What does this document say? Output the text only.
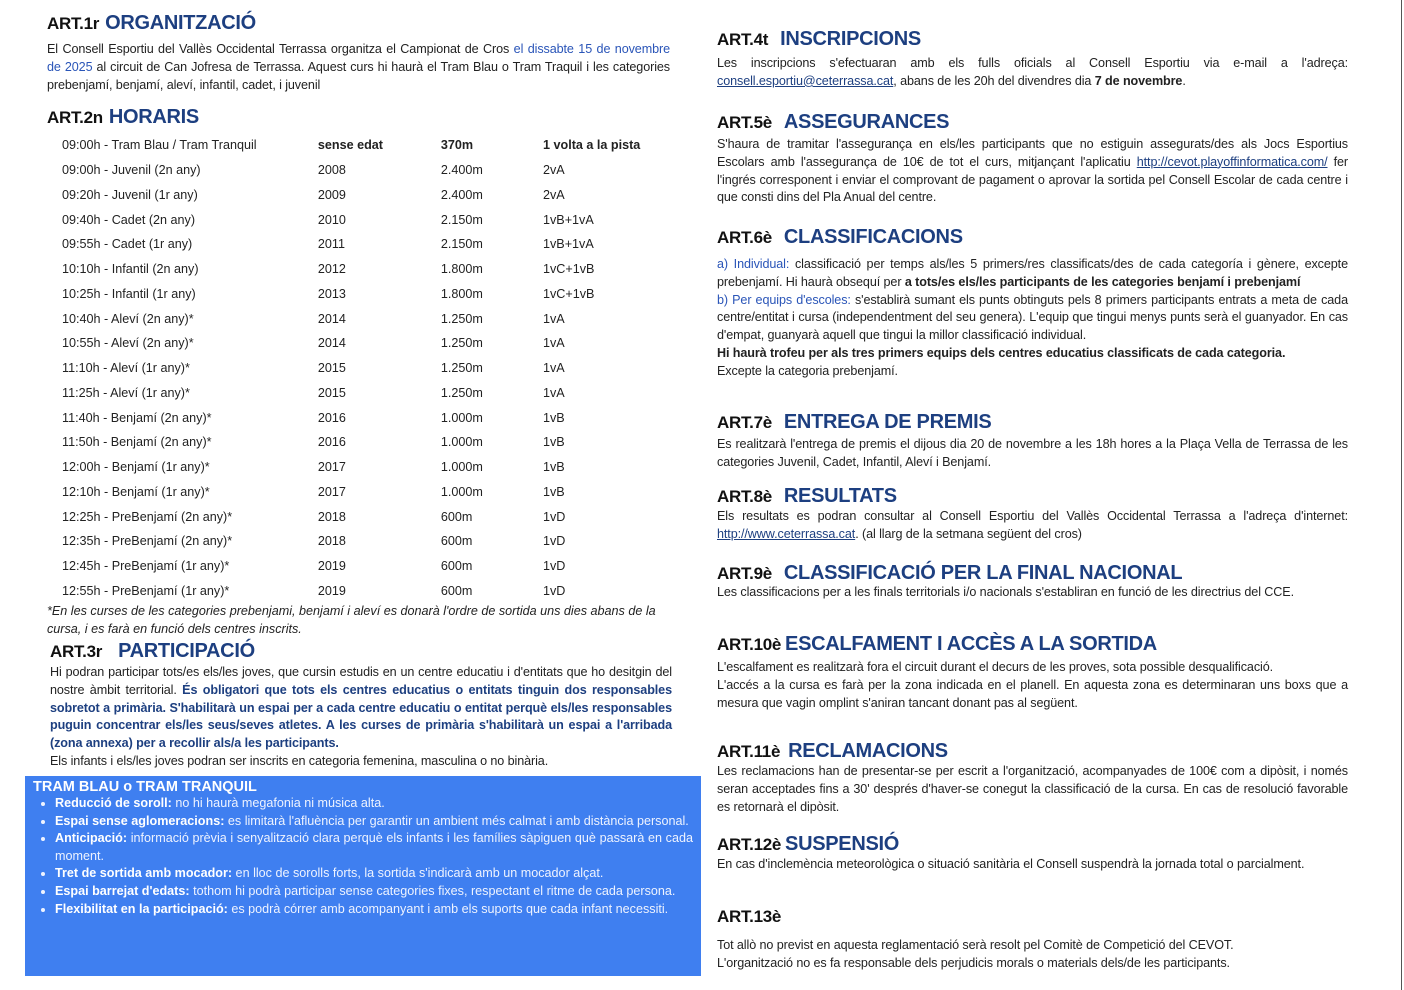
ART.1r ORGANITZACIÓ
El Consell Esportiu del Vallès Occidental Terrassa organitza el Campionat de Cros el dissabte 15 de novembre de 2025 al circuit de Can Jofresa de Terrassa. Aquest curs hi haurà el Tram Blau o Tram Traquil i les categories prebenjamí, benjamí, aleví, infantil, cadet, i juvenil
ART.2n HORARIS
09:00h - Tram Blau / Tram Tranquil	sense edat	370m	1 volta a la pista
09:00h - Juvenil (2n any)	2008	2.400m	2vA
09:20h - Juvenil (1r any)	2009	2.400m	2vA
09:40h - Cadet (2n any)	2010	2.150m	1vB+1vA
09:55h - Cadet (1r any)	2011	2.150m	1vB+1vA
10:10h - Infantil (2n any)	2012	1.800m	1vC+1vB
10:25h - Infantil (1r any)	2013	1.800m	1vC+1vB
10:40h - Aleví (2n any)*	2014	1.250m	1vA
10:55h - Aleví (2n any)*	2014	1.250m	1vA
11:10h - Aleví (1r any)*	2015	1.250m	1vA
11:25h - Aleví (1r any)*	2015	1.250m	1vA
11:40h - Benjamí (2n any)*	2016	1.000m	1vB
11:50h - Benjamí (2n any)*	2016	1.000m	1vB
12:00h - Benjamí (1r any)*	2017	1.000m	1vB
12:10h - Benjamí (1r any)*	2017	1.000m	1vB
12:25h - PreBenjamí (2n any)*	2018	600m	1vD
12:35h - PreBenjamí (2n any)*	2018	600m	1vD
12:45h - PreBenjamí (1r any)*	2019	600m	1vD
12:55h - PreBenjamí (1r any)*	2019	600m	1vD
*En les curses de les categories prebenjami, benjamí i aleví es donarà l'ordre de sortida uns dies abans de la cursa, i es farà en funció dels centres inscrits.
ART.3r PARTICIPACIÓ
Hi podran participar tots/es els/les joves, que cursin estudis en un centre educatiu i d'entitats que ho desitgin del nostre àmbit territorial. És obligatori que tots els centres educatius o entitats tinguin dos responsables sobretot a primària. S'habilitarà un espai per a cada centre educatiu o entitat perquè els/les responsables puguin concentrar els/les seus/seves atletes. A les curses de primària s'habilitarà un espai a l'arribada (zona annexa) per a recollir als/a les participants.
Els infants i els/les joves podran ser inscrits en categoria femenina, masculina o no binària.
TRAM BLAU o TRAM TRANQUIL
• Reducció de soroll: no hi haurà megafonia ni música alta.
• Espai sense aglomeracions: es limitarà l'afluència per garantir un ambient més calmat i amb distància personal.
• Anticipació: informació prèvia i senyalització clara perquè els infants i les famílies sàpiguen què passarà en cada moment.
• Tret de sortida amb mocador: en lloc de sorolls forts, la sortida s'indicarà amb un mocador alçat.
• Espai barrejat d'edats: tothom hi podrà participar sense categories fixes, respectant el ritme de cada persona.
• Flexibilitat en la participació: es podrà córrer amb acompanyant i amb els suports que cada infant necessiti.
ART.4t INSCRIPCIONS
Les inscripcions s'efectuaran amb els fulls oficials al Consell Esportiu via e-mail a l'adreça: consell.esportiu@ceterrassa.cat, abans de les 20h del divendres dia 7 de novembre.
ART.5è ASSEGURANCES
S'haura de tramitar l'assegurança en els/les participants que no estiguin assegurats/des als Jocs Esportius Escolars amb l'assegurança de 10€ de tot el curs, mitjançant l'aplicatiu http://cevot.playoffinformatica.com/ fer l'ingrés corresponent i enviar el comprovant de pagament o aprovar la sortida pel Consell Escolar de cada centre i que consti dins del Pla Anual del centre.
ART.6è CLASSIFICACIONS
a) Individual: classificació per temps als/les 5 primers/res classificats/des de cada categoría i gènere, excepte prebenjamí. Hi haurà obsequí per a tots/es els/les participants de les categories benjamí i prebenjamí
b) Per equips d'escoles: s'establirà sumant els punts obtinguts pels 8 primers participants entrats a meta de cada centre/entitat i cursa (independentment del seu genera). L'equip que tingui menys punts serà el guanyador. En cas d'empat, guanyarà aquell que tingui la millor classificació individual.
Hi haurà trofeu per als tres primers equips dels centres educatius classificats de cada categoria.
Excepte la categoria prebenjamí.
ART.7è ENTREGA DE PREMIS
Es realitzarà l'entrega de premis el dijous dia 20 de novembre a les 18h hores a la Plaça Vella de Terrassa de les categories Juvenil, Cadet, Infantil, Aleví i Benjamí.
ART.8è RESULTATS
Els resultats es podran consultar al Consell Esportiu del Vallès Occidental Terrassa a l'adreça d'internet: http://www.ceterrassa.cat. (al llarg de la setmana següent del cros)
ART.9è CLASSIFICACIÓ PER LA FINAL NACIONAL
Les classificacions per a les finals territorials i/o nacionals s'establiran en funció de les directrius del CCE.
ART.10è ESCALFAMENT I ACCÈS A LA SORTIDA
L'escalfament es realitzarà fora el circuit durant el decurs de les proves, sota possible desqualificació.
L'accés a la cursa es farà per la zona indicada en el planell. En aquesta zona es determinaran uns boxs que a mesura que vagin omplint s'aniran tancant donant pas al següent.
ART.11è RECLAMACIONS
Les reclamacions han de presentar-se per escrit a l'organització, acompanyades de 100€ com a dipòsit, i només seran acceptades fins a 30' després d'haver-se conegut la classificació de la cursa. En cas de resolució favorable es retornarà el dipòsit.
ART.12è SUSPENSIÓ
En cas d'inclemència meteorològica o situació sanitària el Consell suspendrà la jornada total o parcialment.
ART.13è
Tot allò no previst en aquesta reglamentació serà resolt pel Comitè de Competició del CEVOT.
L'organització no es fa responsable dels perjudicis morals o materials dels/de les participants.
